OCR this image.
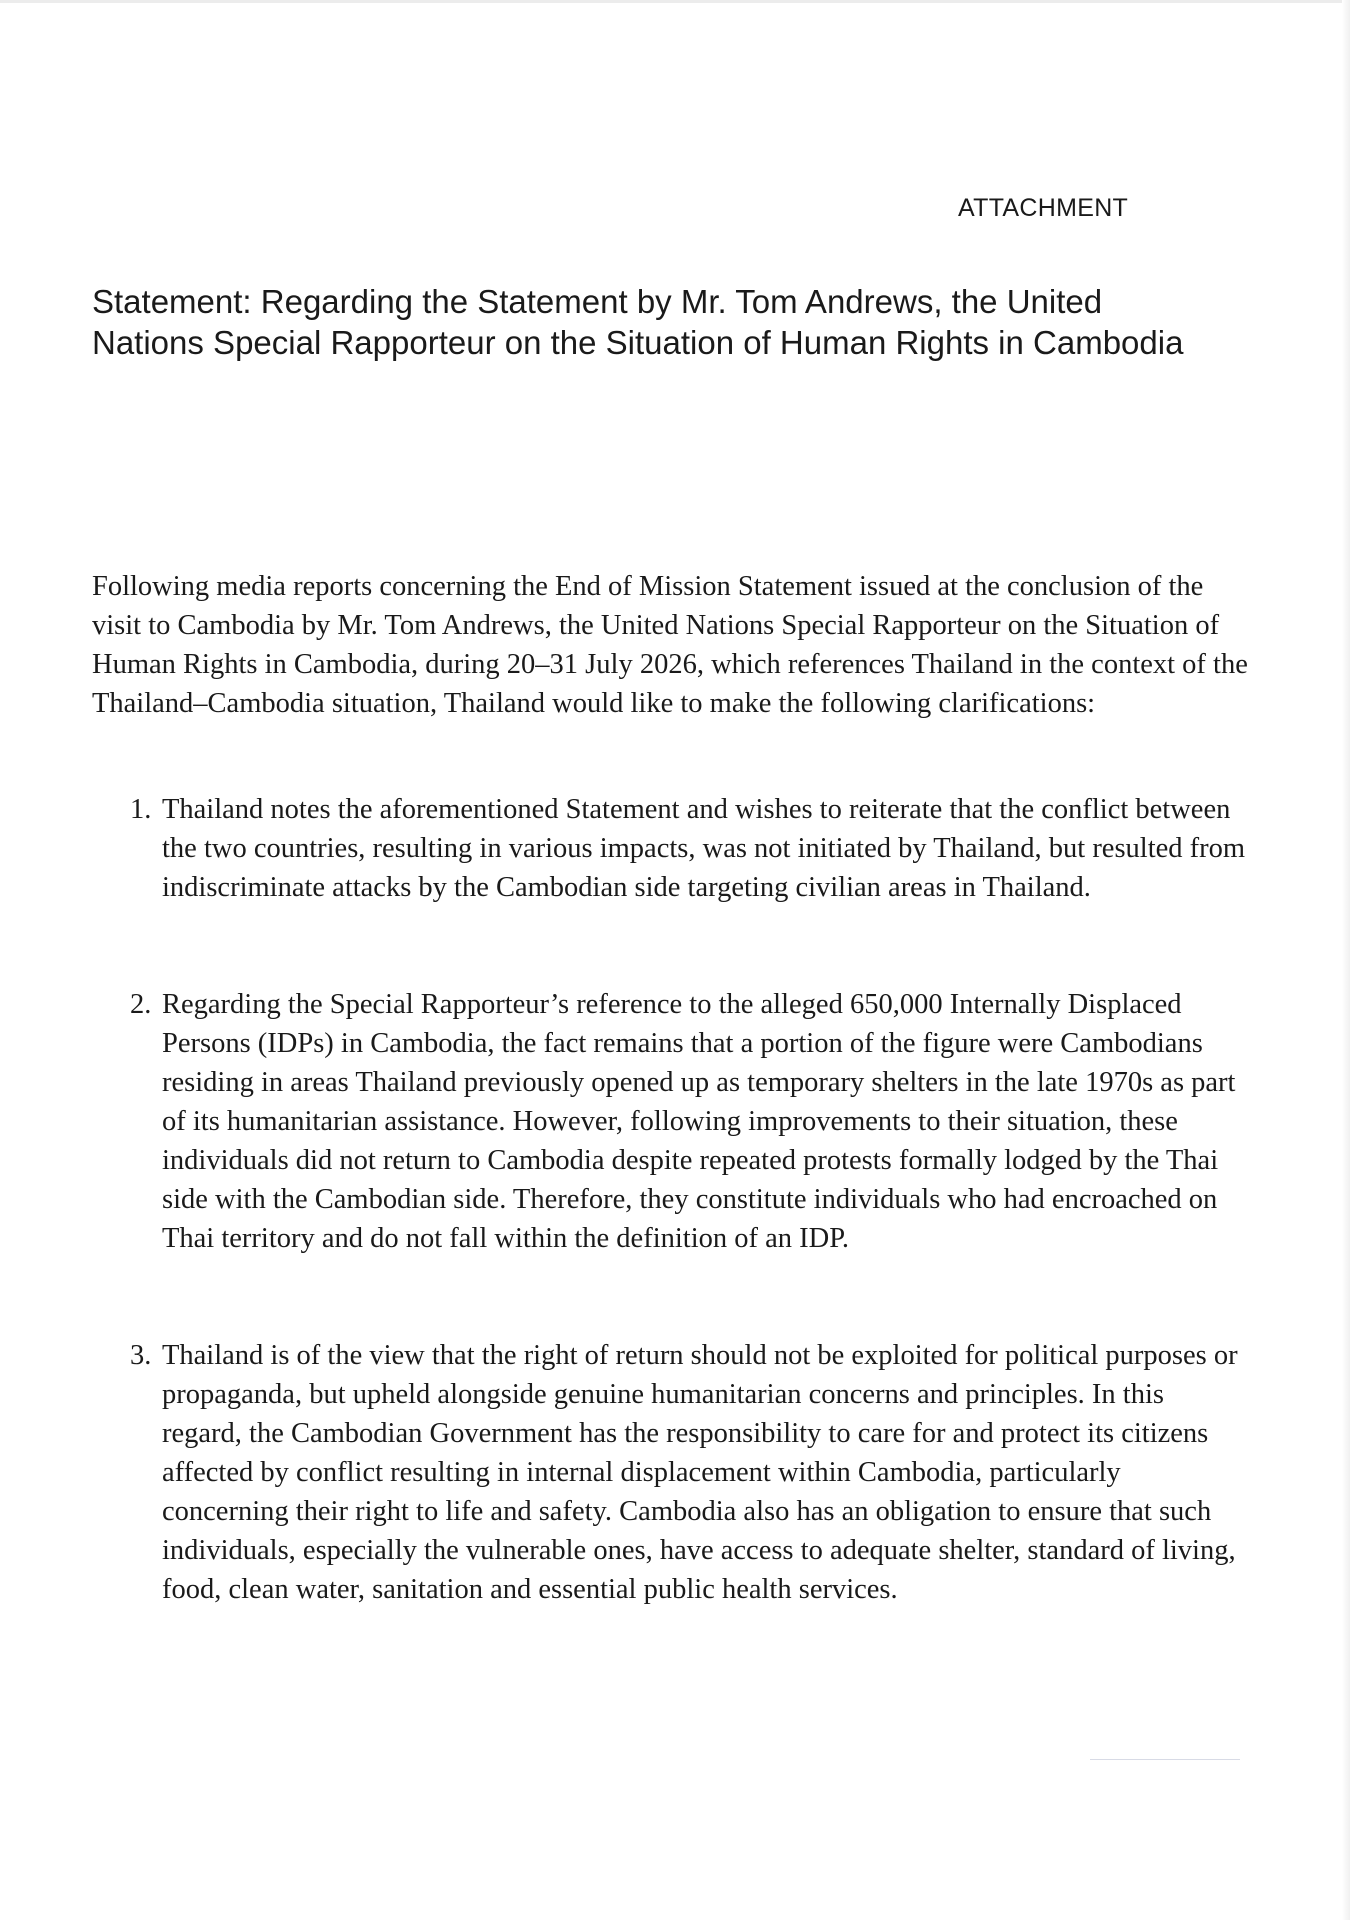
ATTACHMENT
Statement: Regarding the Statement by Mr. Tom Andrews, the United Nations Special Rapporteur on the Situation of Human Rights in Cambodia

Following media reports concerning the End of Mission Statement issued at the conclusion of the visit to Cambodia by Mr. Tom Andrews, the United Nations Special Rapporteur on the Situation of Human Rights in Cambodia, during 20–31 July 2026, which references Thailand in the context of the Thailand–Cambodia situation, Thailand would like to make the following clarifications:

1. Thailand notes the aforementioned Statement and wishes to reiterate that the conflict between the two countries, resulting in various impacts, was not initiated by Thailand, but resulted from indiscriminate attacks by the Cambodian side targeting civilian areas in Thailand.
2. Regarding the Special Rapporteur’s reference to the alleged 650,000 Internally Displaced Persons (IDPs) in Cambodia, the fact remains that a portion of the figure were Cambodians residing in areas Thailand previously opened up as temporary shelters in the late 1970s as part of its humanitarian assistance. However, following improvements to their situation, these individuals did not return to Cambodia despite repeated protests formally lodged by the Thai side with the Cambodian side. Therefore, they constitute individuals who had encroached on Thai territory and do not fall within the definition of an IDP.
3. Thailand is of the view that the right of return should not be exploited for political purposes or propaganda, but upheld alongside genuine humanitarian concerns and principles. In this regard, the Cambodian Government has the responsibility to care for and protect its citizens affected by conflict resulting in internal displacement within Cambodia, particularly concerning their right to life and safety. Cambodia also has an obligation to ensure that such individuals, especially the vulnerable ones, have access to adequate shelter, standard of living, food, clean water, sanitation and essential public health services.
